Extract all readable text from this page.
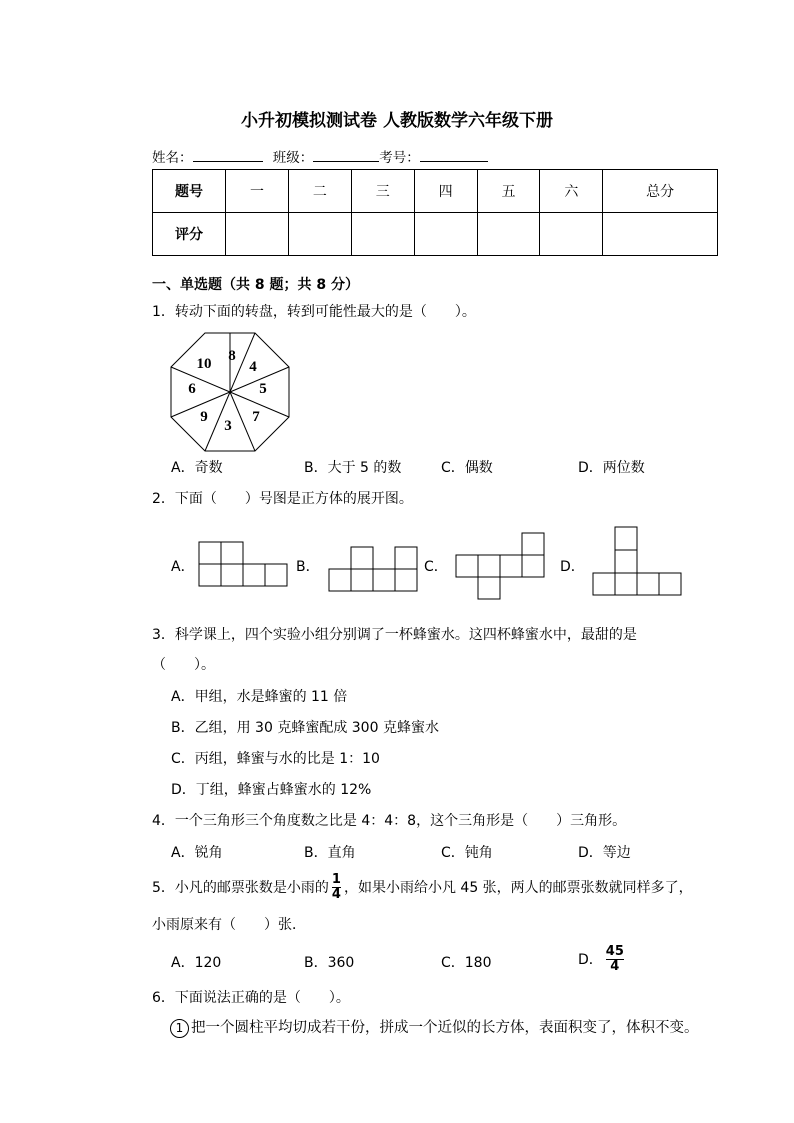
小升初模拟测试卷 人教版数学六年级下册
姓名：	班级：	考号：
题号	一	二	三	四	五	六	总分
评分							
一、单选题（共 8 题；共 8 分）
1．转动下面的转盘，转到可能性最大的是（　　）。
8
4
5
7
3
9
6
10
A．奇数	B．大于 5 的数	C．偶数	D．两位数
2．下面（　　）号图是正方体的展开图。
A．	B．	C．	D．
3．科学课上，四个实验小组分别调了一杯蜂蜜水。这四杯蜂蜜水中，最甜的是
（　　）。
A．甲组，水是蜂蜜的 11 倍
B．乙组，用 30 克蜂蜜配成 300 克蜂蜜水
C．丙组，蜂蜜与水的比是 1：10
D．丁组，蜂蜜占蜂蜜水的 12%
4．一个三角形三个角度数之比是 4：4：8，这个三角形是（　　）三角形。
A．锐角	B．直角	C．钝角	D．等边
5．小凡的邮票张数是小雨的 $\frac{1}{4}$ ，如果小雨给小凡 45 张，两人的邮票张数就同样多了，
小雨原来有（　　）张．
A．120	B．360	C．180	D． $\frac{45}{4}$
6．下面说法正确的是（　　）。
1 把一个圆柱平均切成若干份，拼成一个近似的长方体，表面积变了，体积不变。
